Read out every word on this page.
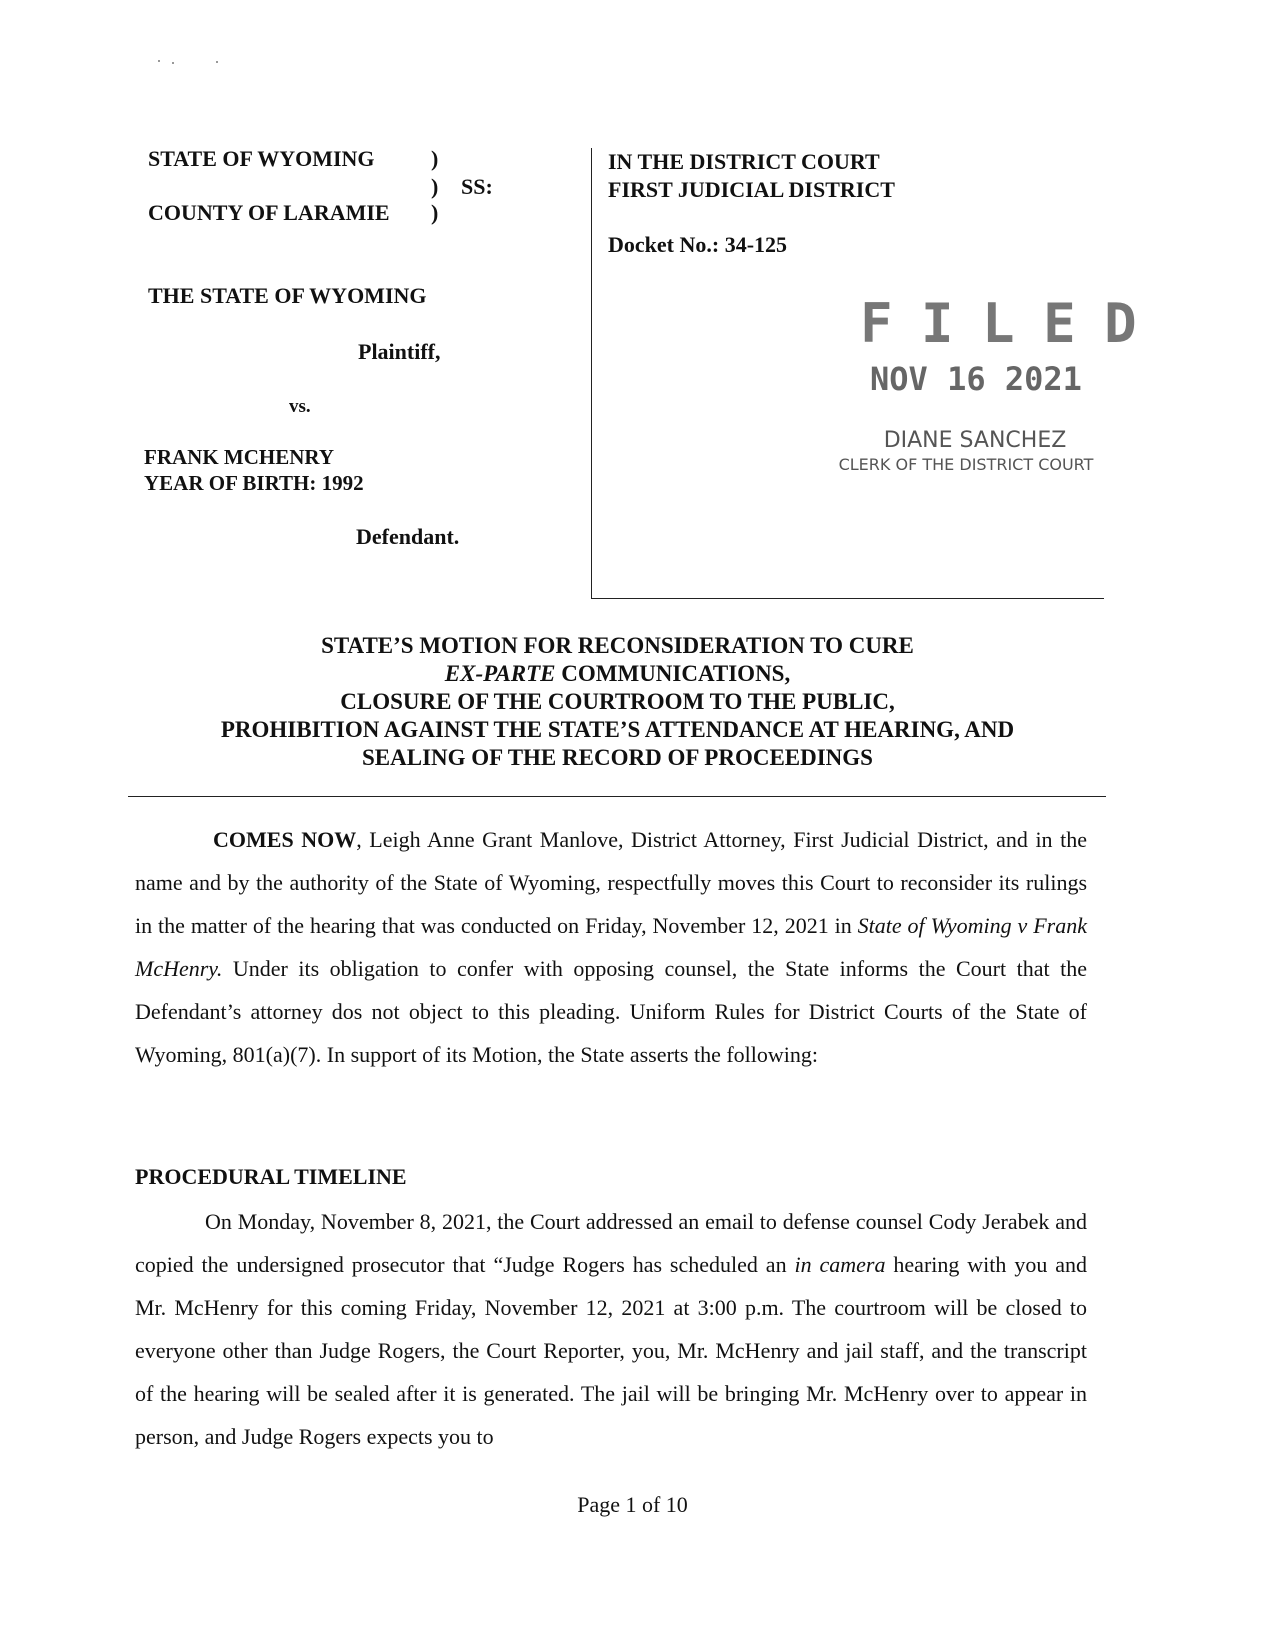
STATE OF WYOMING	)
) SS:
COUNTY OF LARAMIE )
THE STATE OF WYOMING
Plaintiff,
vs.
FRANK MCHENRY
YEAR OF BIRTH: 1992
Defendant.
IN THE DISTRICT COURT
FIRST JUDICIAL DISTRICT
Docket No.: 34-125
F I L E D
NOV 16 2021
DIANE SANCHEZ
CLERK OF THE DISTRICT COURT
STATE’S MOTION FOR RECONSIDERATION TO CURE
EX-PARTE COMMUNICATIONS,
CLOSURE OF THE COURTROOM TO THE PUBLIC,
PROHIBITION AGAINST THE STATE’S ATTENDANCE AT HEARING, AND
SEALING OF THE RECORD OF PROCEEDINGS
COMES NOW, Leigh Anne Grant Manlove, District Attorney, First Judicial District, and in the name and by the authority of the State of Wyoming, respectfully moves this Court to reconsider its rulings in the matter of the hearing that was conducted on Friday, November 12, 2021 in State of Wyoming v Frank McHenry. Under its obligation to confer with opposing counsel, the State informs the Court that the Defendant’s attorney dos not object to this pleading. Uniform Rules for District Courts of the State of Wyoming, 801(a)(7). In support of its Motion, the State asserts the following:
PROCEDURAL TIMELINE
On Monday, November 8, 2021, the Court addressed an email to defense counsel Cody Jerabek and copied the undersigned prosecutor that “Judge Rogers has scheduled an in camera hearing with you and Mr. McHenry for this coming Friday, November 12, 2021 at 3:00 p.m. The courtroom will be closed to everyone other than Judge Rogers, the Court Reporter, you, Mr. McHenry and jail staff, and the transcript of the hearing will be sealed after it is generated. The jail will be bringing Mr. McHenry over to appear in person, and Judge Rogers expects you to
Page 1 of 10
